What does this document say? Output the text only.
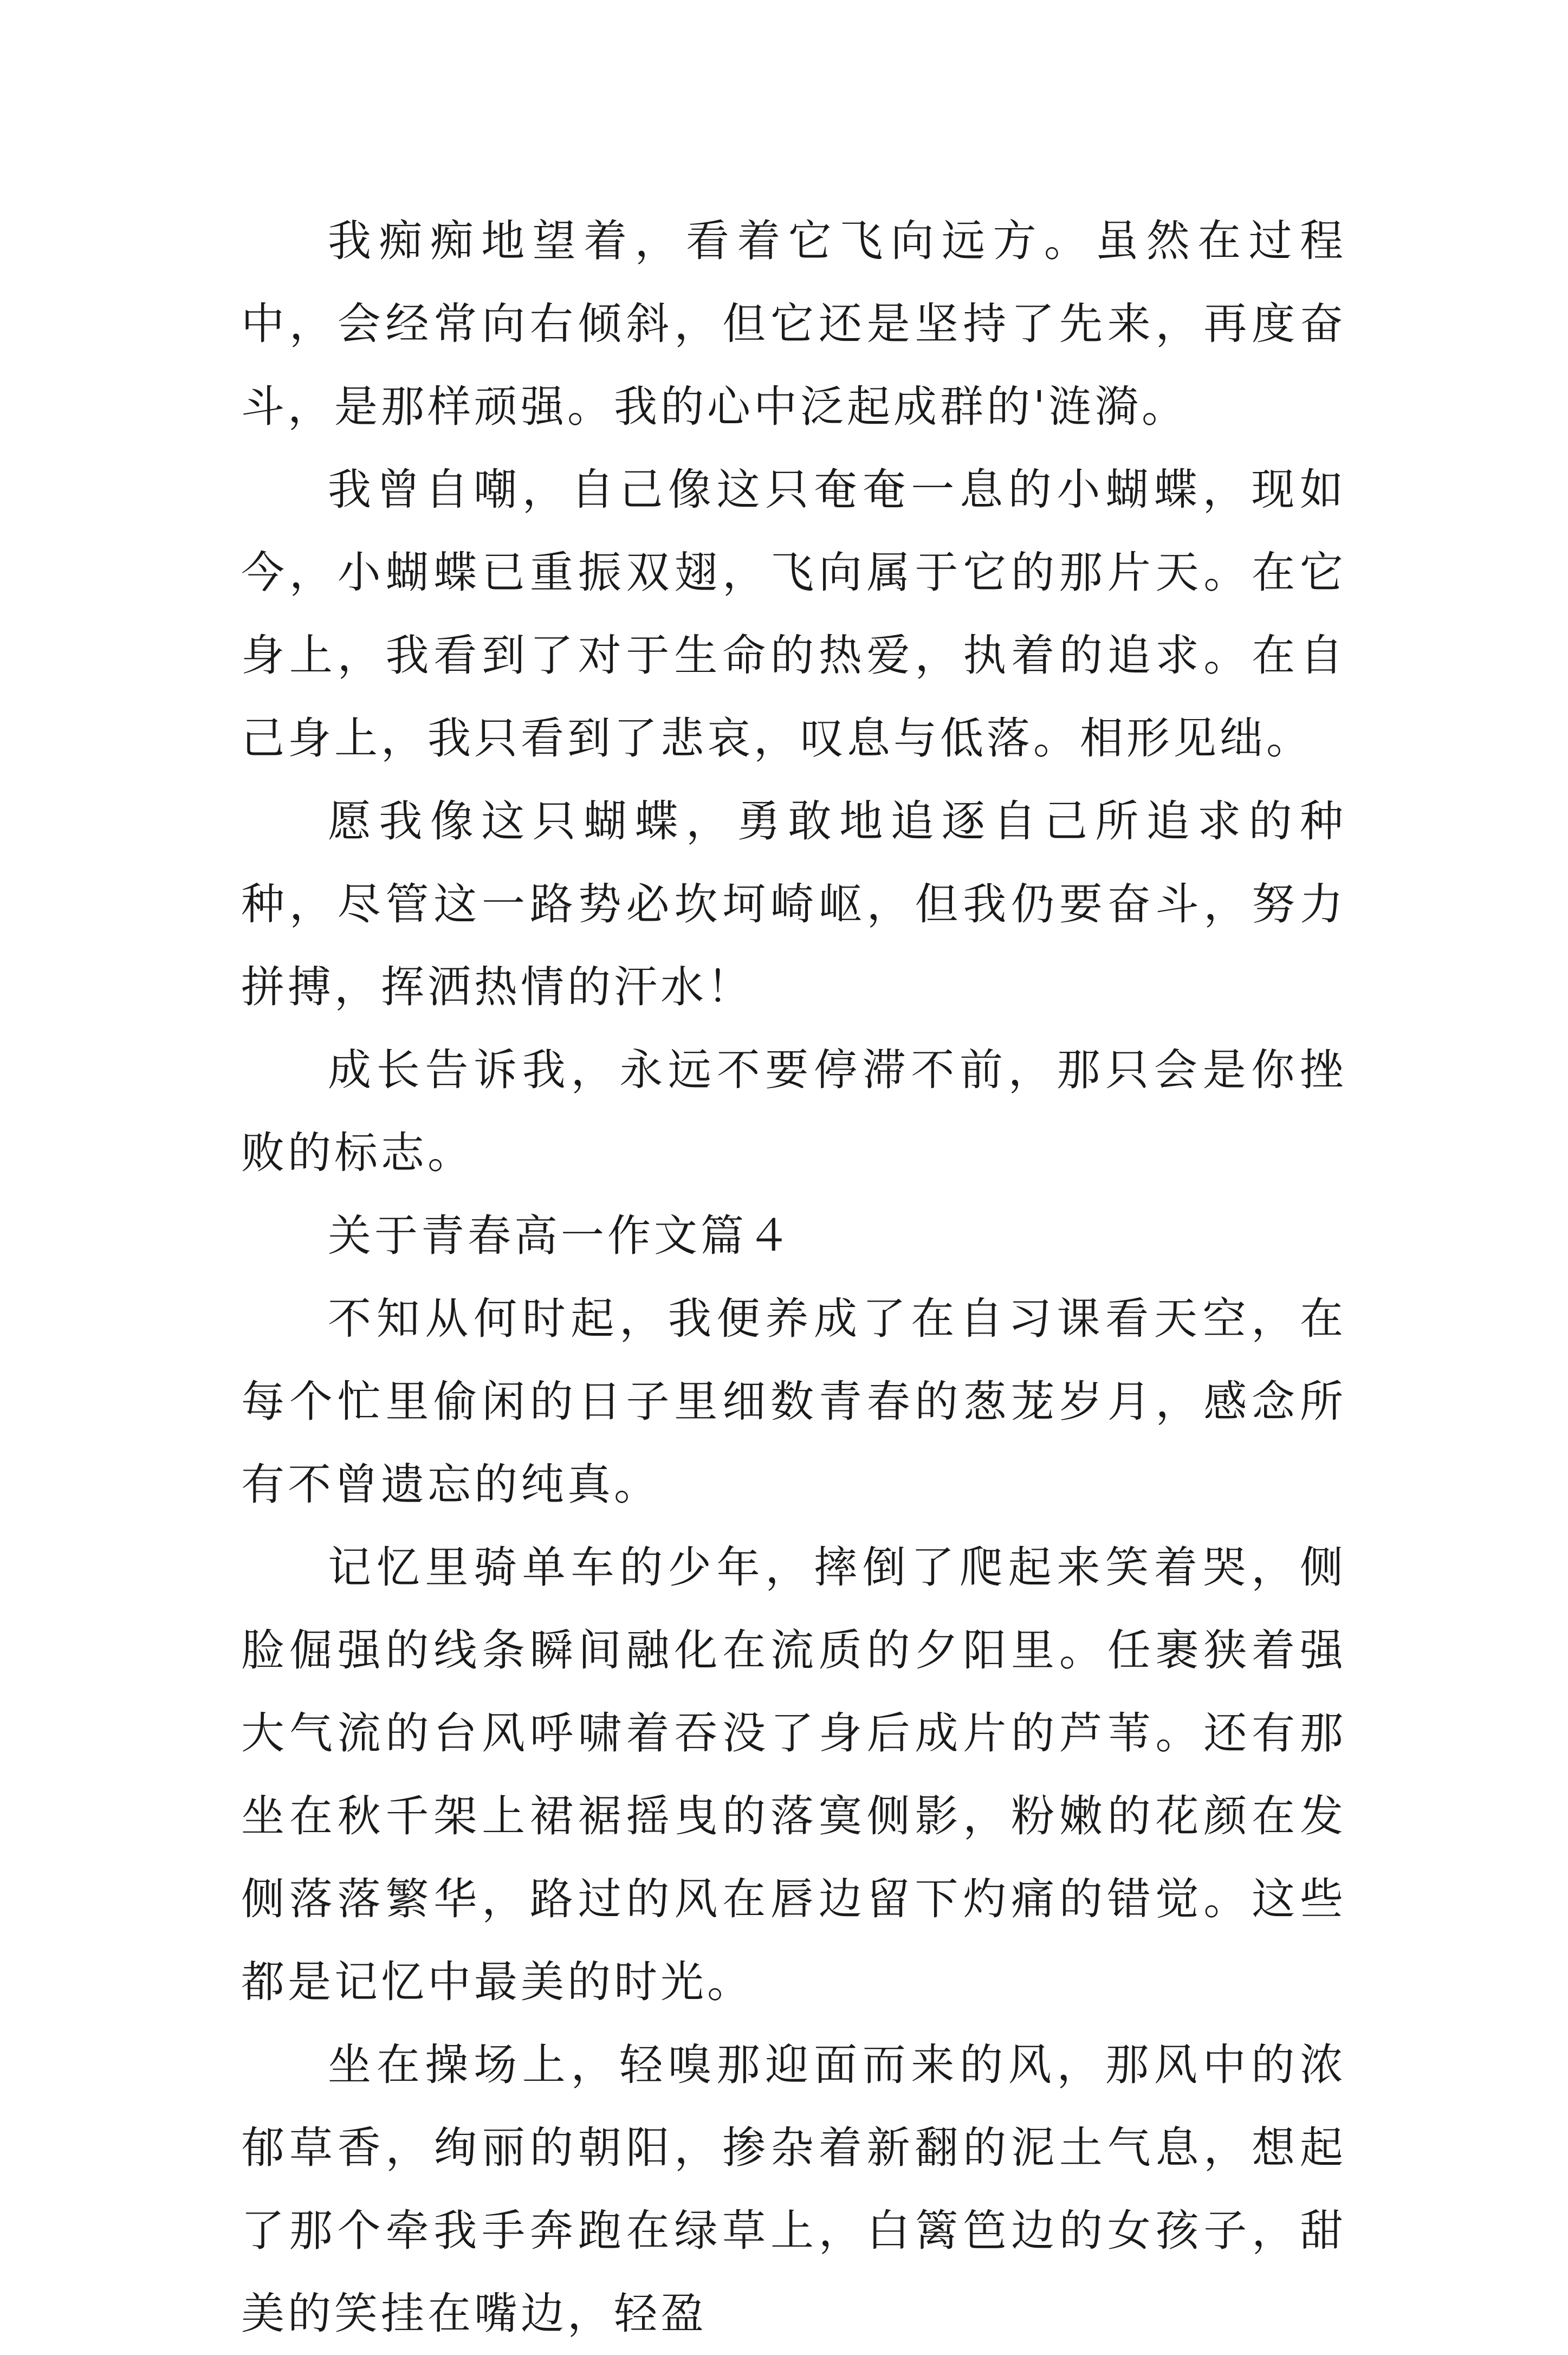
我痴痴地望着，看着它飞向远方。虽然在过程中，会经常向右倾斜，但它还是坚持了先来，再度奋斗，是那样顽强。我的心中泛起成群的'涟漪。

我曾自嘲，自己像这只奄奄一息的小蝴蝶，现如今，小蝴蝶已重振双翅，飞向属于它的那片天。在它身上，我看到了对于生命的热爱，执着的追求。在自己身上，我只看到了悲哀，叹息与低落。相形见绌。

愿我像这只蝴蝶，勇敢地追逐自己所追求的种种，尽管这一路势必坎坷崎岖，但我仍要奋斗，努力拼搏，挥洒热情的汗水！

成长告诉我，永远不要停滞不前，那只会是你挫败的标志。

关于青春高一作文篇４

不知从何时起，我便养成了在自习课看天空，在每个忙里偷闲的日子里细数青春的葱茏岁月，感念所有不曾遗忘的纯真。

记忆里骑单车的少年，摔倒了爬起来笑着哭，侧脸倔强的线条瞬间融化在流质的夕阳里。任裹狭着强大气流的台风呼啸着吞没了身后成片的芦苇。还有那坐在秋千架上裙裾摇曳的落寞侧影，粉嫩的花颜在发侧落落繁华，路过的风在唇边留下灼痛的错觉。这些都是记忆中最美的时光。

坐在操场上，轻嗅那迎面而来的风，那风中的浓郁草香，绚丽的朝阳，掺杂着新翻的泥土气息，想起了那个牵我手奔跑在绿草上，白篱笆边的女孩子，甜美的笑挂在嘴边，轻盈
